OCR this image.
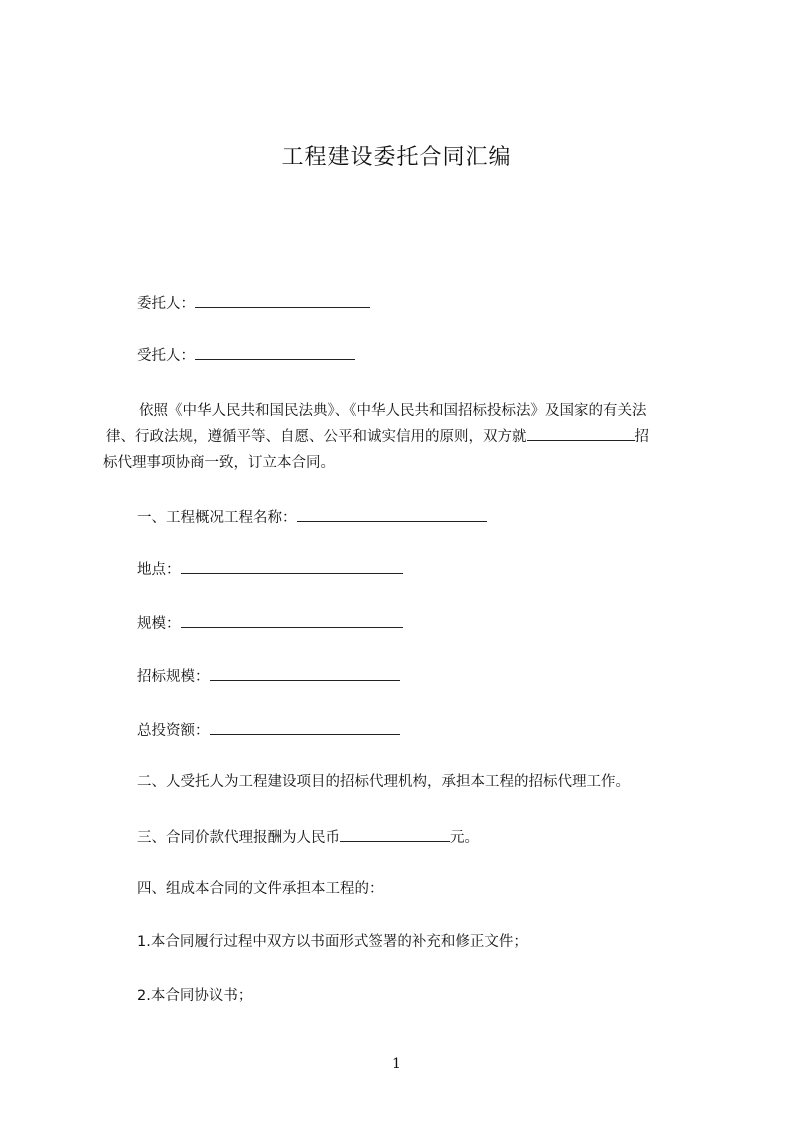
工程建设委托合同汇编
委托人：
受托人：
依照《中华人民共和国民法典》、《中华人民共和国招标投标法》及国家的有关法
律、行政法规，遵循平等、自愿、公平和诚实信用的原则，双方就	招
标代理事项协商一致，订立本合同。
一、工程概况工程名称：
地点：
规模：
招标规模：
总投资额：
二、人受托人为工程建设项目的招标代理机构，承担本工程的招标代理工作。
三、合同价款代理报酬为人民币	元。
四、组成本合同的文件承担本工程的：
1.本合同履行过程中双方以书面形式签署的补充和修正文件；
2.本合同协议书；
1
